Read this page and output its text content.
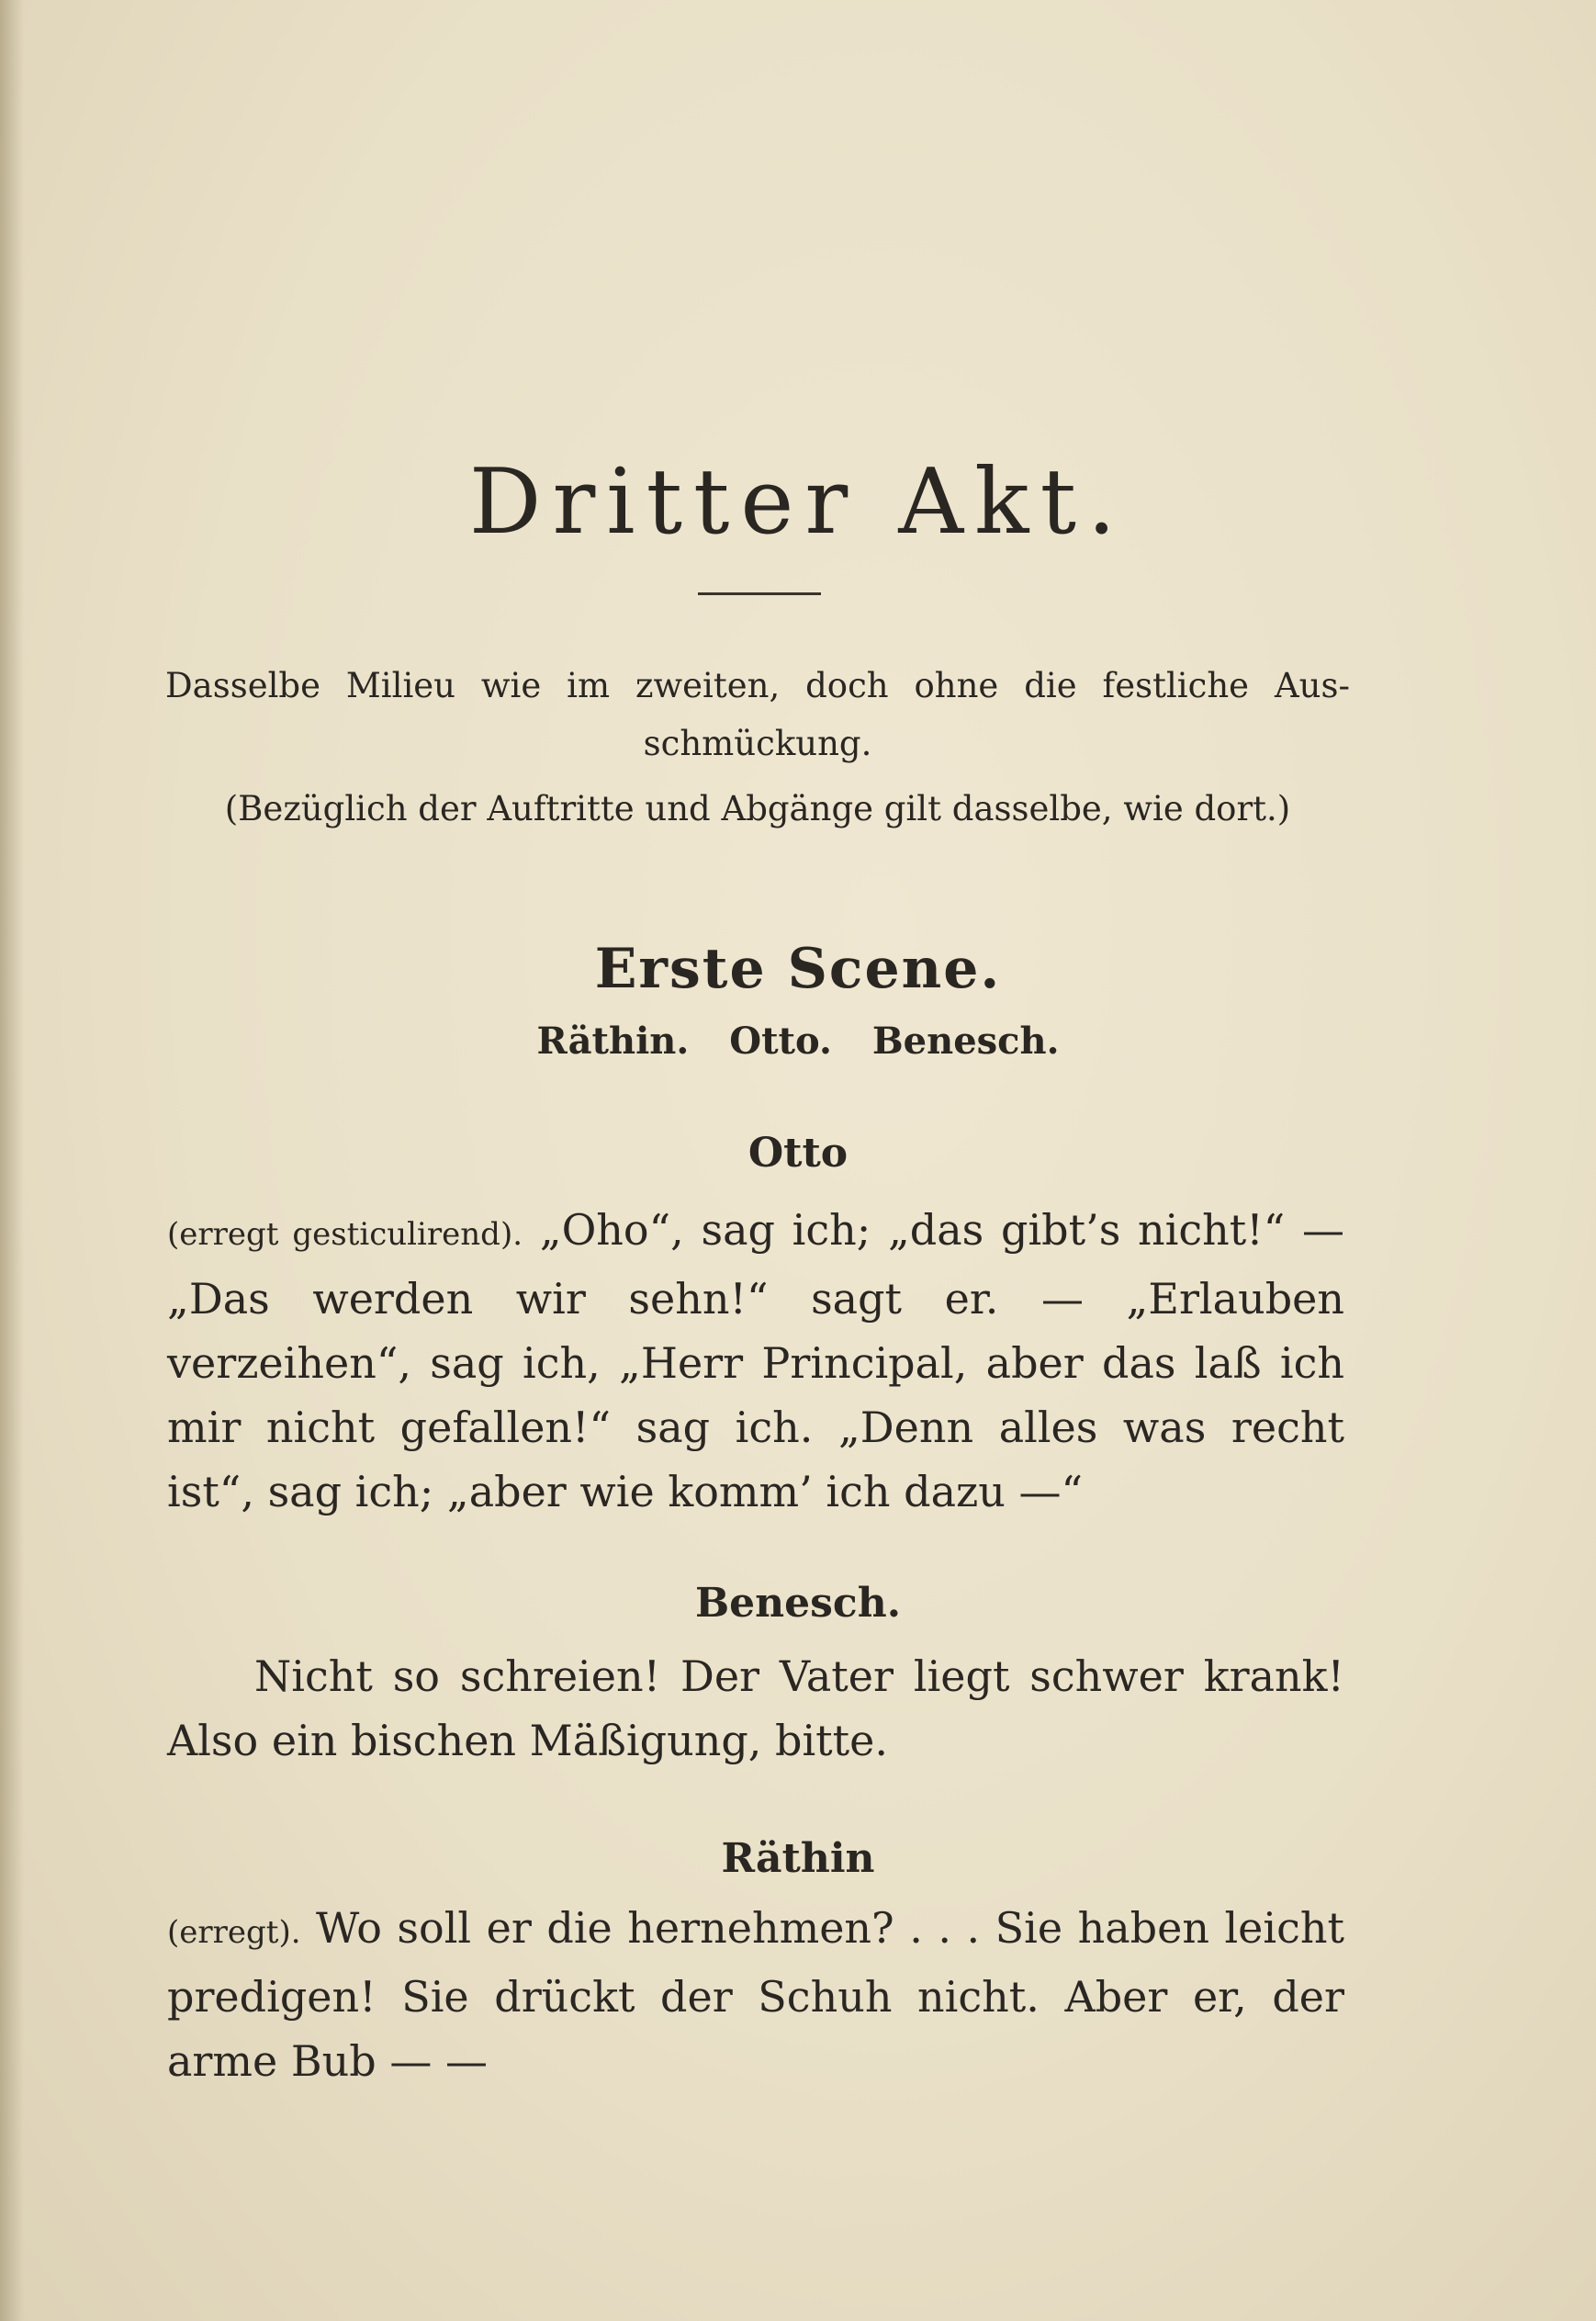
Dritter Akt.
Dasselbe Milieu wie im zweiten, doch ohne die festliche Aus-
schmückung.
(Bezüglich der Auftritte und Abgänge gilt dasselbe, wie dort.)
Erste Scene.
Räthin. Otto. Benesch.
Otto
(erregt gesticulirend). „Oho“, sag ich; „das gibt’s nicht!“ — „Das werden wir sehn!“ sagt er. — „Erlauben verzeihen“, sag ich, „Herr Principal, aber das laß ich mir nicht gefallen!“ sag ich. „Denn alles was recht ist“, sag ich; „aber wie komm’ ich dazu —“
Benesch.
Nicht so schreien! Der Vater liegt schwer krank! Also ein bischen Mäßigung, bitte.
Räthin
(erregt). Wo soll er die hernehmen? . . . Sie haben leicht predigen! Sie drückt der Schuh nicht. Aber er, der arme Bub — —
